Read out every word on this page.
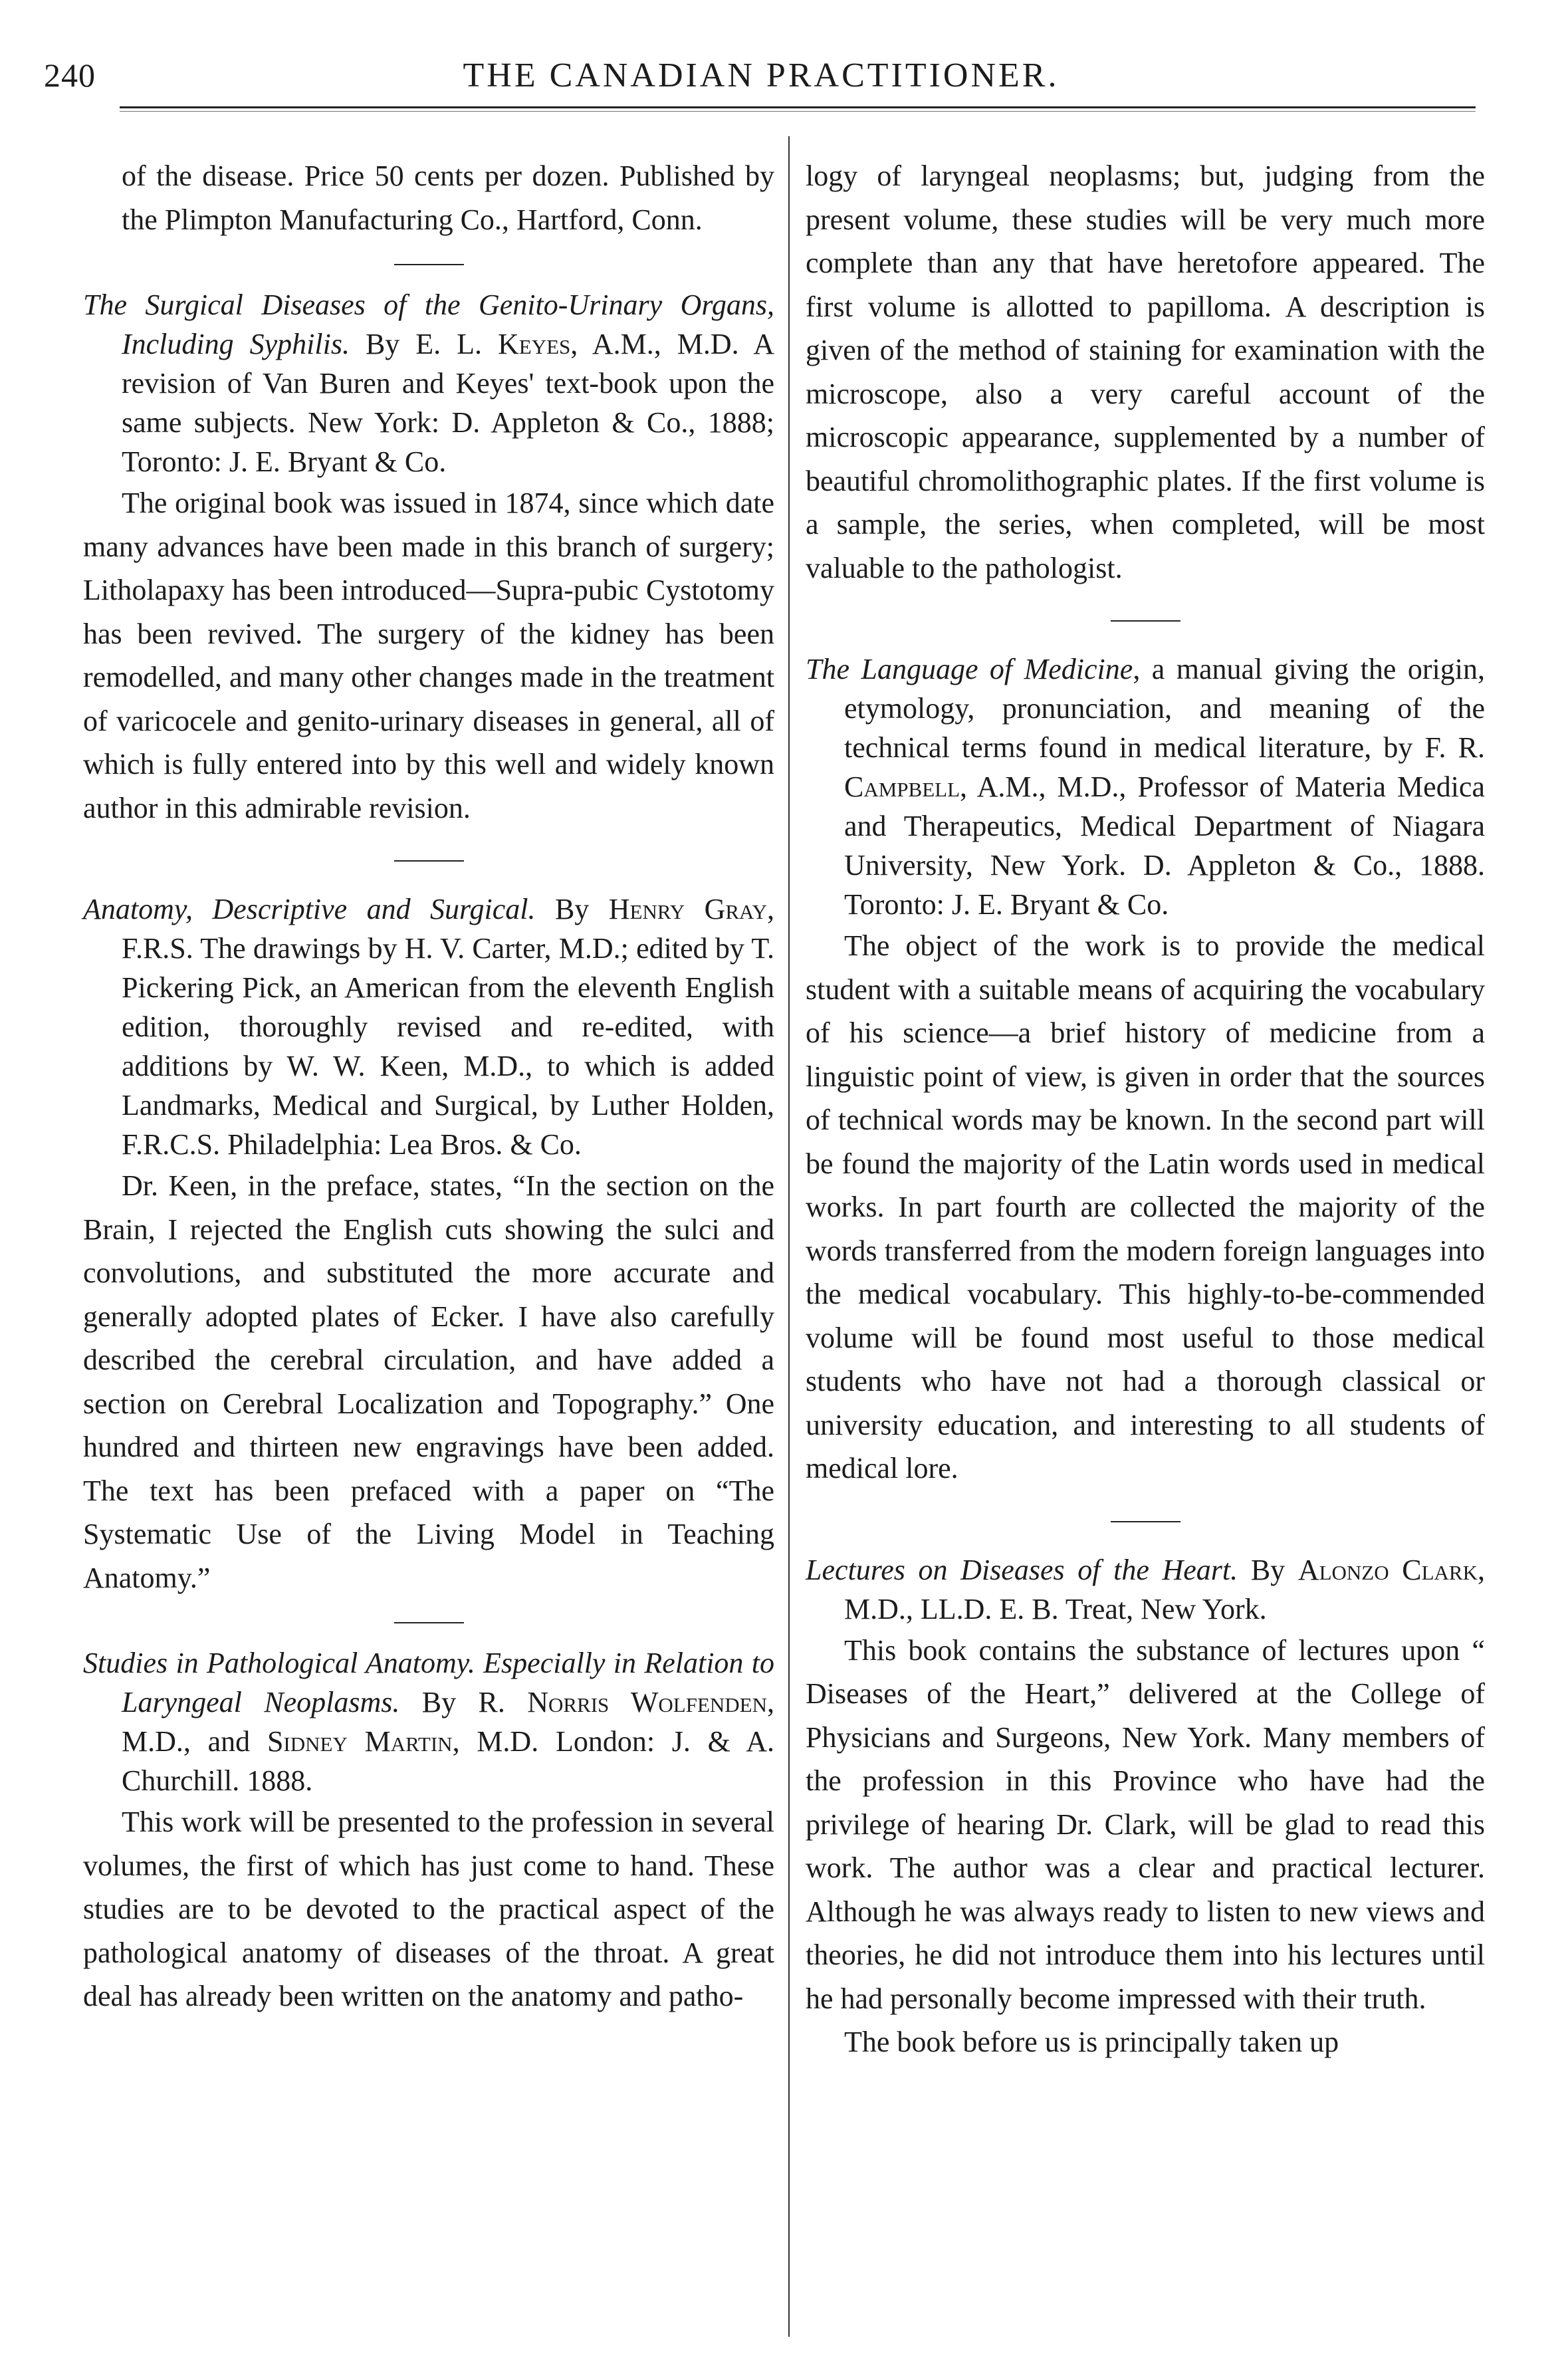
240	THE CANADIAN PRACTITIONER.

of the disease. Price 50 cents per dozen. Published by the Plimpton Manufacturing Co., Hartford, Conn.

The Surgical Diseases of the Genito-Urinary Organs, Including Syphilis. By E. L. Keyes, A.M., M.D. A revision of Van Buren and Keyes' text-book upon the same subjects. New York: D. Appleton & Co., 1888; Toronto: J. E. Bryant & Co.

The original book was issued in 1874, since which date many advances have been made in this branch of surgery; Litholapaxy has been introduced—Supra-pubic Cystotomy has been revived. The surgery of the kidney has been remodelled, and many other changes made in the treatment of varicocele and genito-urinary diseases in general, all of which is fully entered into by this well and widely known author in this admirable revision.

Anatomy, Descriptive and Surgical. By Henry Gray, F.R.S. The drawings by H. V. Carter, M.D.; edited by T. Pickering Pick, an American from the eleventh English edition, thoroughly revised and re-edited, with additions by W. W. Keen, M.D., to which is added Landmarks, Medical and Surgical, by Luther Holden, F.R.C.S. Philadelphia: Lea Bros. & Co.

Dr. Keen, in the preface, states, “In the section on the Brain, I rejected the English cuts showing the sulci and convolutions, and substituted the more accurate and generally adopted plates of Ecker. I have also carefully described the cerebral circulation, and have added a section on Cerebral Localization and Topography.” One hundred and thirteen new engravings have been added. The text has been prefaced with a paper on “The Systematic Use of the Living Model in Teaching Anatomy.”

Studies in Pathological Anatomy. Especially in Relation to Laryngeal Neoplasms. By R. Norris Wolfenden, M.D., and Sidney Martin, M.D. London: J. & A. Churchill. 1888.

This work will be presented to the profession in several volumes, the first of which has just come to hand. These studies are to be devoted to the practical aspect of the pathological anatomy of diseases of the throat. A great deal has already been written on the anatomy and patho-

logy of laryngeal neoplasms; but, judging from the present volume, these studies will be very much more complete than any that have heretofore appeared. The first volume is allotted to papilloma. A description is given of the method of staining for examination with the microscope, also a very careful account of the microscopic appearance, supplemented by a number of beautiful chromolithographic plates. If the first volume is a sample, the series, when completed, will be most valuable to the pathologist.

The Language of Medicine, a manual giving the origin, etymology, pronunciation, and meaning of the technical terms found in medical literature, by F. R. Campbell, A.M., M.D., Professor of Materia Medica and Therapeutics, Medical Department of Niagara University, New York. D. Appleton & Co., 1888. Toronto: J. E. Bryant & Co.

The object of the work is to provide the medical student with a suitable means of acquiring the vocabulary of his science—a brief history of medicine from a linguistic point of view, is given in order that the sources of technical words may be known. In the second part will be found the majority of the Latin words used in medical works. In part fourth are collected the majority of the words transferred from the modern foreign languages into the medical vocabulary. This highly-to-be-commended volume will be found most useful to those medical students who have not had a thorough classical or university education, and interesting to all students of medical lore.

Lectures on Diseases of the Heart. By Alonzo Clark, M.D., LL.D. E. B. Treat, New York.

This book contains the substance of lectures upon “ Diseases of the Heart,” delivered at the College of Physicians and Surgeons, New York. Many members of the profession in this Province who have had the privilege of hearing Dr. Clark, will be glad to read this work. The author was a clear and practical lecturer. Although he was always ready to listen to new views and theories, he did not introduce them into his lectures until he had personally become impressed with their truth.

The book before us is principally taken up
